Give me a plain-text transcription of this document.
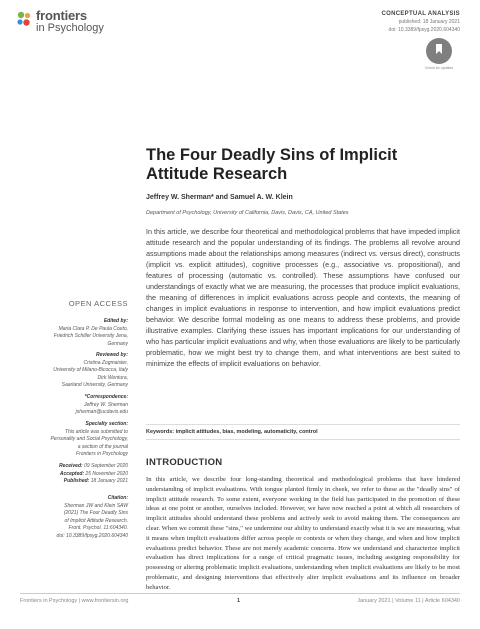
frontiers
in Psychology
CONCEPTUAL ANALYSIS
published: 18 January 2021
doi: 10.3389/fpsyg.2020.604340
Check for updates
The Four Deadly Sins of Implicit Attitude Research
Jeffrey W. Sherman* and Samuel A. W. Klein
Department of Psychology, University of California, Davis, Davis, CA, United States
In this article, we describe four theoretical and methodological problems that have impeded implicit attitude research and the popular understanding of its findings. The problems all revolve around assumptions made about the relationships among measures (indirect vs. versus direct), constructs (implicit vs. explicit attitudes), cognitive processes (e.g., associative vs. propositional), and features of processing (automatic vs. controlled). These assumptions have confused our understandings of exactly what we are measuring, the processes that produce implicit evaluations, the meaning of differences in implicit evaluations across people and contexts, the meaning of changes in implicit evaluations in response to intervention, and how implicit evaluations predict behavior. We describe formal modeling as one means to address these problems, and provide illustrative examples. Clarifying these issues has important implications for our understanding of who has particular implicit evaluations and why, when those evaluations are likely to be particularly problematic, how we might best try to change them, and what interventions are best suited to minimize the effects of implicit evaluations on behavior.
Keywords: implicit attitudes, bias, modeling, automaticity, control
INTRODUCTION
In this article, we describe four long-standing theoretical and methodological problems that have hindered understanding of implicit evaluations. With tongue planted firmly in cheek, we refer to these as the "deadly sins" of implicit attitude research. To some extent, everyone working in the field has participated in the promotion of these ideas at one point or another, ourselves included. However, we have now reached a point at which all researchers of implicit attitudes should understand these problems and actively seek to avoid making them. The consequences are clear. When we commit these "sins," we undermine our ability to understand exactly what it is we are measuring, what it means when implicit evaluations differ across people or contexts or when they change, and when and how implicit evaluations predict behavior. These are not merely academic concerns. How we understand and characterize implicit evaluation has direct implications for a range of critical pragmatic issues, including assigning responsibility for possessing or altering problematic implicit evaluations, understanding when implicit evaluations are likely to be most problematic, and designing interventions that effectively alter implicit evaluations and its influence on broader behavior.
OPEN ACCESS
Edited by:
Maria Clara P. De Paula Couto,
Friedrich Schiller University Jena,
Germany
Reviewed by:
Cristina Zogmaister,
University of Milano-Bicocca, Italy
Dirk Wentura,
Saarland University, Germany
*Correspondence:
Jeffrey W. Sherman
jsherman@ucdavis.edu
Specialty section:
This article was submitted to
Personality and Social Psychology,
a section of the journal
Frontiers in Psychology
Received: 09 September 2020
Accepted: 25 November 2020
Published: 18 January 2021
Citation:
Sherman JW and Klein SAW
(2021) The Four Deadly Sins
of Implicit Attitude Research.
Front. Psychol. 11:604340.
doi: 10.3389/fpsyg.2020.604340
Frontiers in Psychology | www.frontiersin.org	1	January 2021 | Volume 11 | Article 604340
